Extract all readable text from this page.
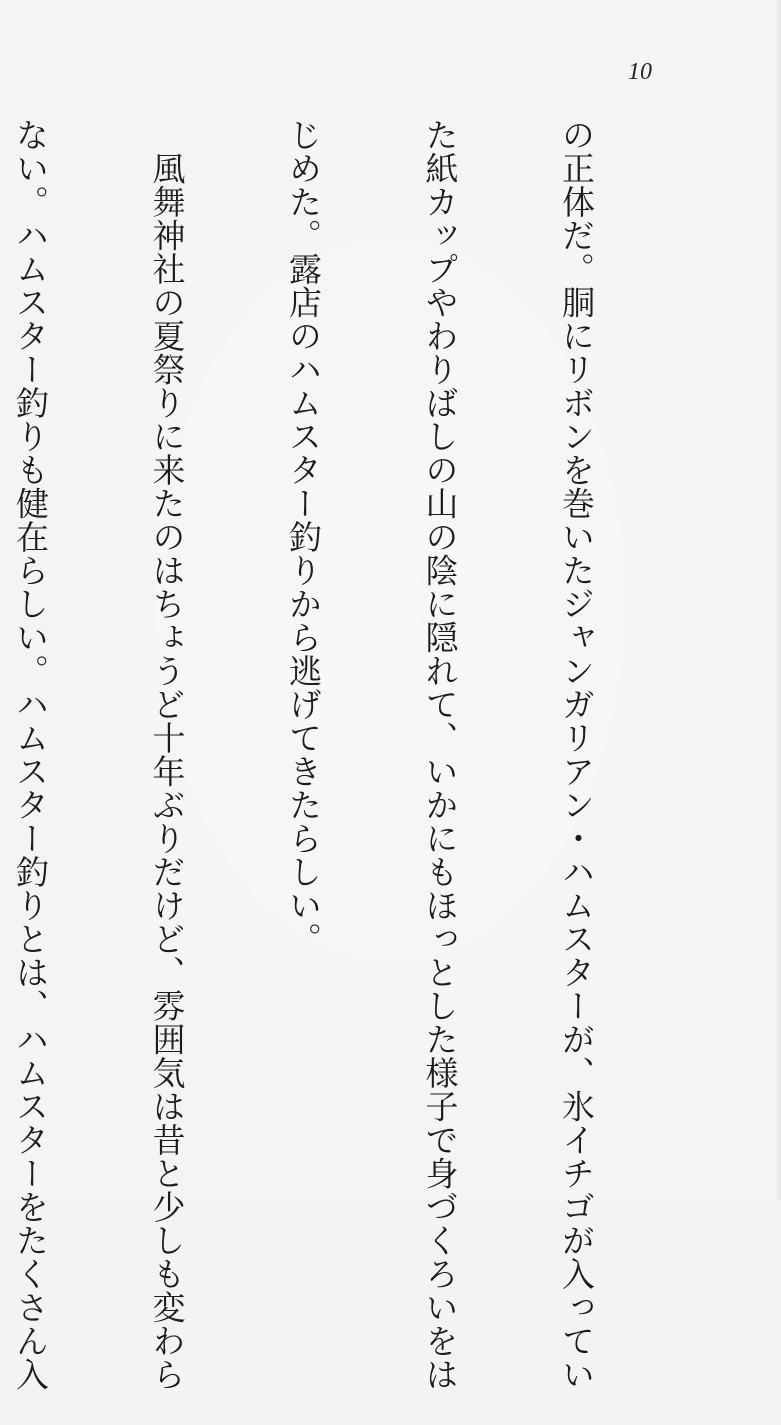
10

の正体だ。胴にリボンを巻いたジャンガリアン・ハムスターが、氷イチゴが入ってい

た紙カップやわりばしの山の陰に隠れて、いかにもほっとした様子で身づくろいをは

じめた。露店のハムスター釣りから逃げてきたらしい。

　風舞神社の夏祭りに来たのはちょうど十年ぶりだけど、雰囲気は昔と少しも変わら

ない。ハムスター釣りも健在らしい。ハムスター釣りとは、ハムスターをたくさん入
